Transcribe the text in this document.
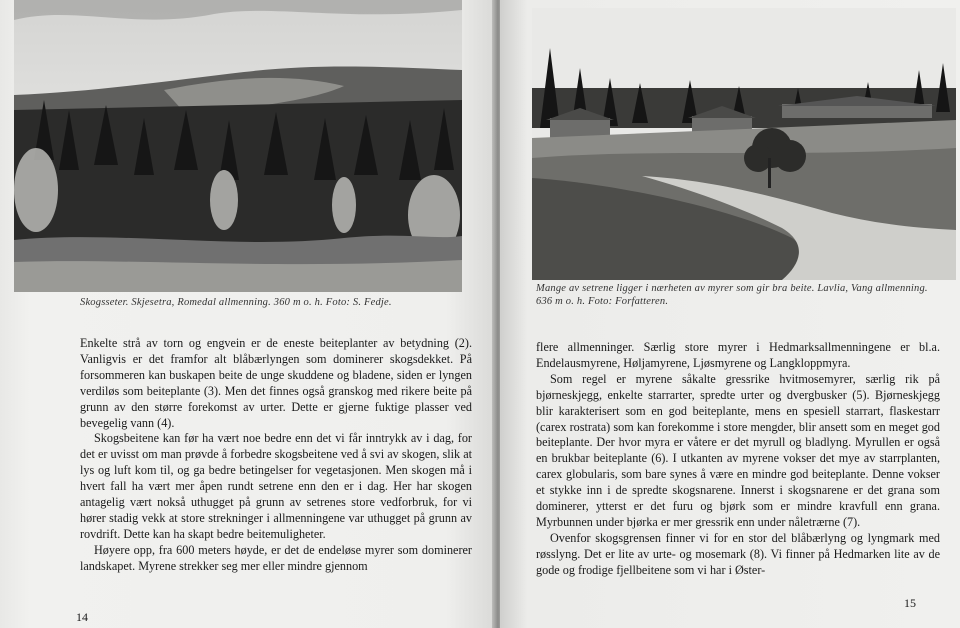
Skogsseter. Skjesetra, Romedal allmenning. 360 m o. h. Foto: S. Fedje.

Enkelte strå av torn og engvein er de eneste beiteplanter av betydning (2). Vanligvis er det framfor alt blåbærlyngen som dominerer skogsdekket. På forsommeren kan buskapen beite de unge skuddene og bladene, siden er lyngen verdiløs som beiteplante (3). Men det finnes også granskog med rikere beite på grunn av den større forekomst av urter. Dette er gjerne fuktige plasser ved bevegelig vann (4).

Skogsbeitene kan før ha vært noe bedre enn det vi får inntrykk av i dag, for det er uvisst om man prøvde å forbedre skogsbeitene ved å svi av skogen, slik at lys og luft kom til, og ga bedre betingelser for vegetasjonen. Men skogen må i hvert fall ha vært mer åpen rundt setrene enn den er i dag. Her har skogen antagelig vært nokså uthugget på grunn av setrenes store vedforbruk, for vi hører stadig vekk at store strekninger i allmenningene var uthugget på grunn av rovdrift. Dette kan ha skapt bedre beitemuligheter.

Høyere opp, fra 600 meters høyde, er det de endeløse myrer som dominerer landskapet. Myrene strekker seg mer eller mindre gjennom

14
Mange av setrene ligger i nærheten av myrer som gir bra beite. Lavlia, Vang allmenning. 636 m o. h. Foto: Forfatteren.

flere allmenninger. Særlig store myrer i Hedmarksallmenningene er bl.a. Endelausmyrene, Høljamyrene, Ljøsmyrene og Langkloppmyra.

Som regel er myrene såkalte gressrike hvitmosemyrer, særlig rik på bjørneskjegg, enkelte starrarter, spredte urter og dvergbusker (5). Bjørneskjegg blir karakterisert som en god beiteplante, mens en spesiell starrart, flaskestarr (carex rostrata) som kan forekomme i store mengder, blir ansett som en meget god beiteplante. Der hvor myra er våtere er det myrull og bladlyng. Myrullen er også en brukbar beiteplante (6). I utkanten av myrene vokser det mye av starrplanten, carex globularis, som bare synes å være en mindre god beiteplante. Denne vokser et stykke inn i de spredte skogsnarene. Innerst i skogsnarene er det grana som dominerer, ytterst er det furu og bjørk som er mindre kravfull enn grana. Myrbunnen under bjørka er mer gressrik enn under nåletrærne (7).

Ovenfor skogsgrensen finner vi for en stor del blåbærlyng og lyngmark med røsslyng. Det er lite av urte- og mosemark (8). Vi finner på Hedmarken lite av de gode og frodige fjellbeitene som vi har i Øster-

15
